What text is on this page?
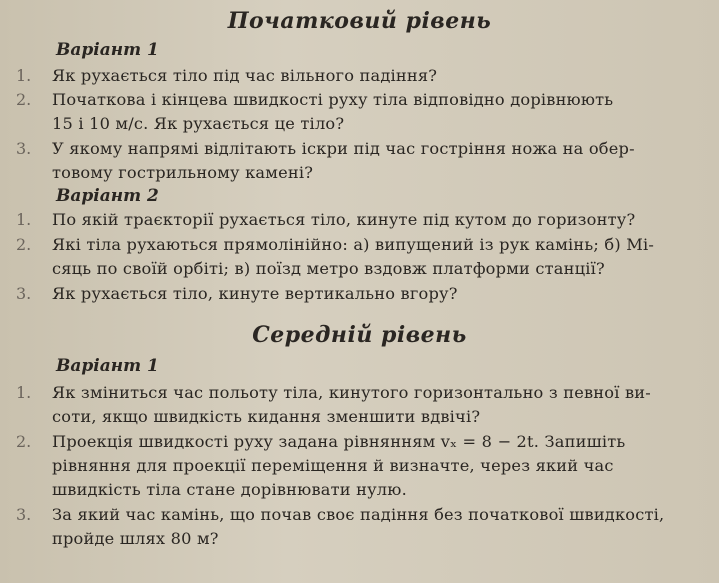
Початковий рівень
Варіант 1
1. Як рухається тіло під час вільного падіння?
2. Початкова і кінцева швидкості руху тіла відповідно дорівнюють
15 і 10 м/с. Як рухається це тіло?
3. У якому напрямі відлітають іскри під час гостріння ножа на обер-
товому гострильному камені?
Варіант 2
1. По якій траєкторії рухається тіло, кинуте під кутом до горизонту?
2. Які тіла рухаються прямолінійно: а) випущений із рук камінь; б) Мі-
сяць по своїй орбіті; в) поїзд метро вздовж платформи станції?
3. Як рухається тіло, кинуте вертикально вгору?
Середній рівень
Варіант 1
1. Як зміниться час польоту тіла, кинутого горизонтально з певної ви-
соти, якщо швидкість кидання зменшити вдвічі?
2. Проекція швидкості руху задана рівнянням vₓ = 8 − 2t. Запишіть
рівняння для проекції переміщення й визначте, через який час
швидкість тіла стане дорівнювати нулю.
3. За який час камінь, що почав своє падіння без початкової швидкості,
пройде шлях 80 м?
